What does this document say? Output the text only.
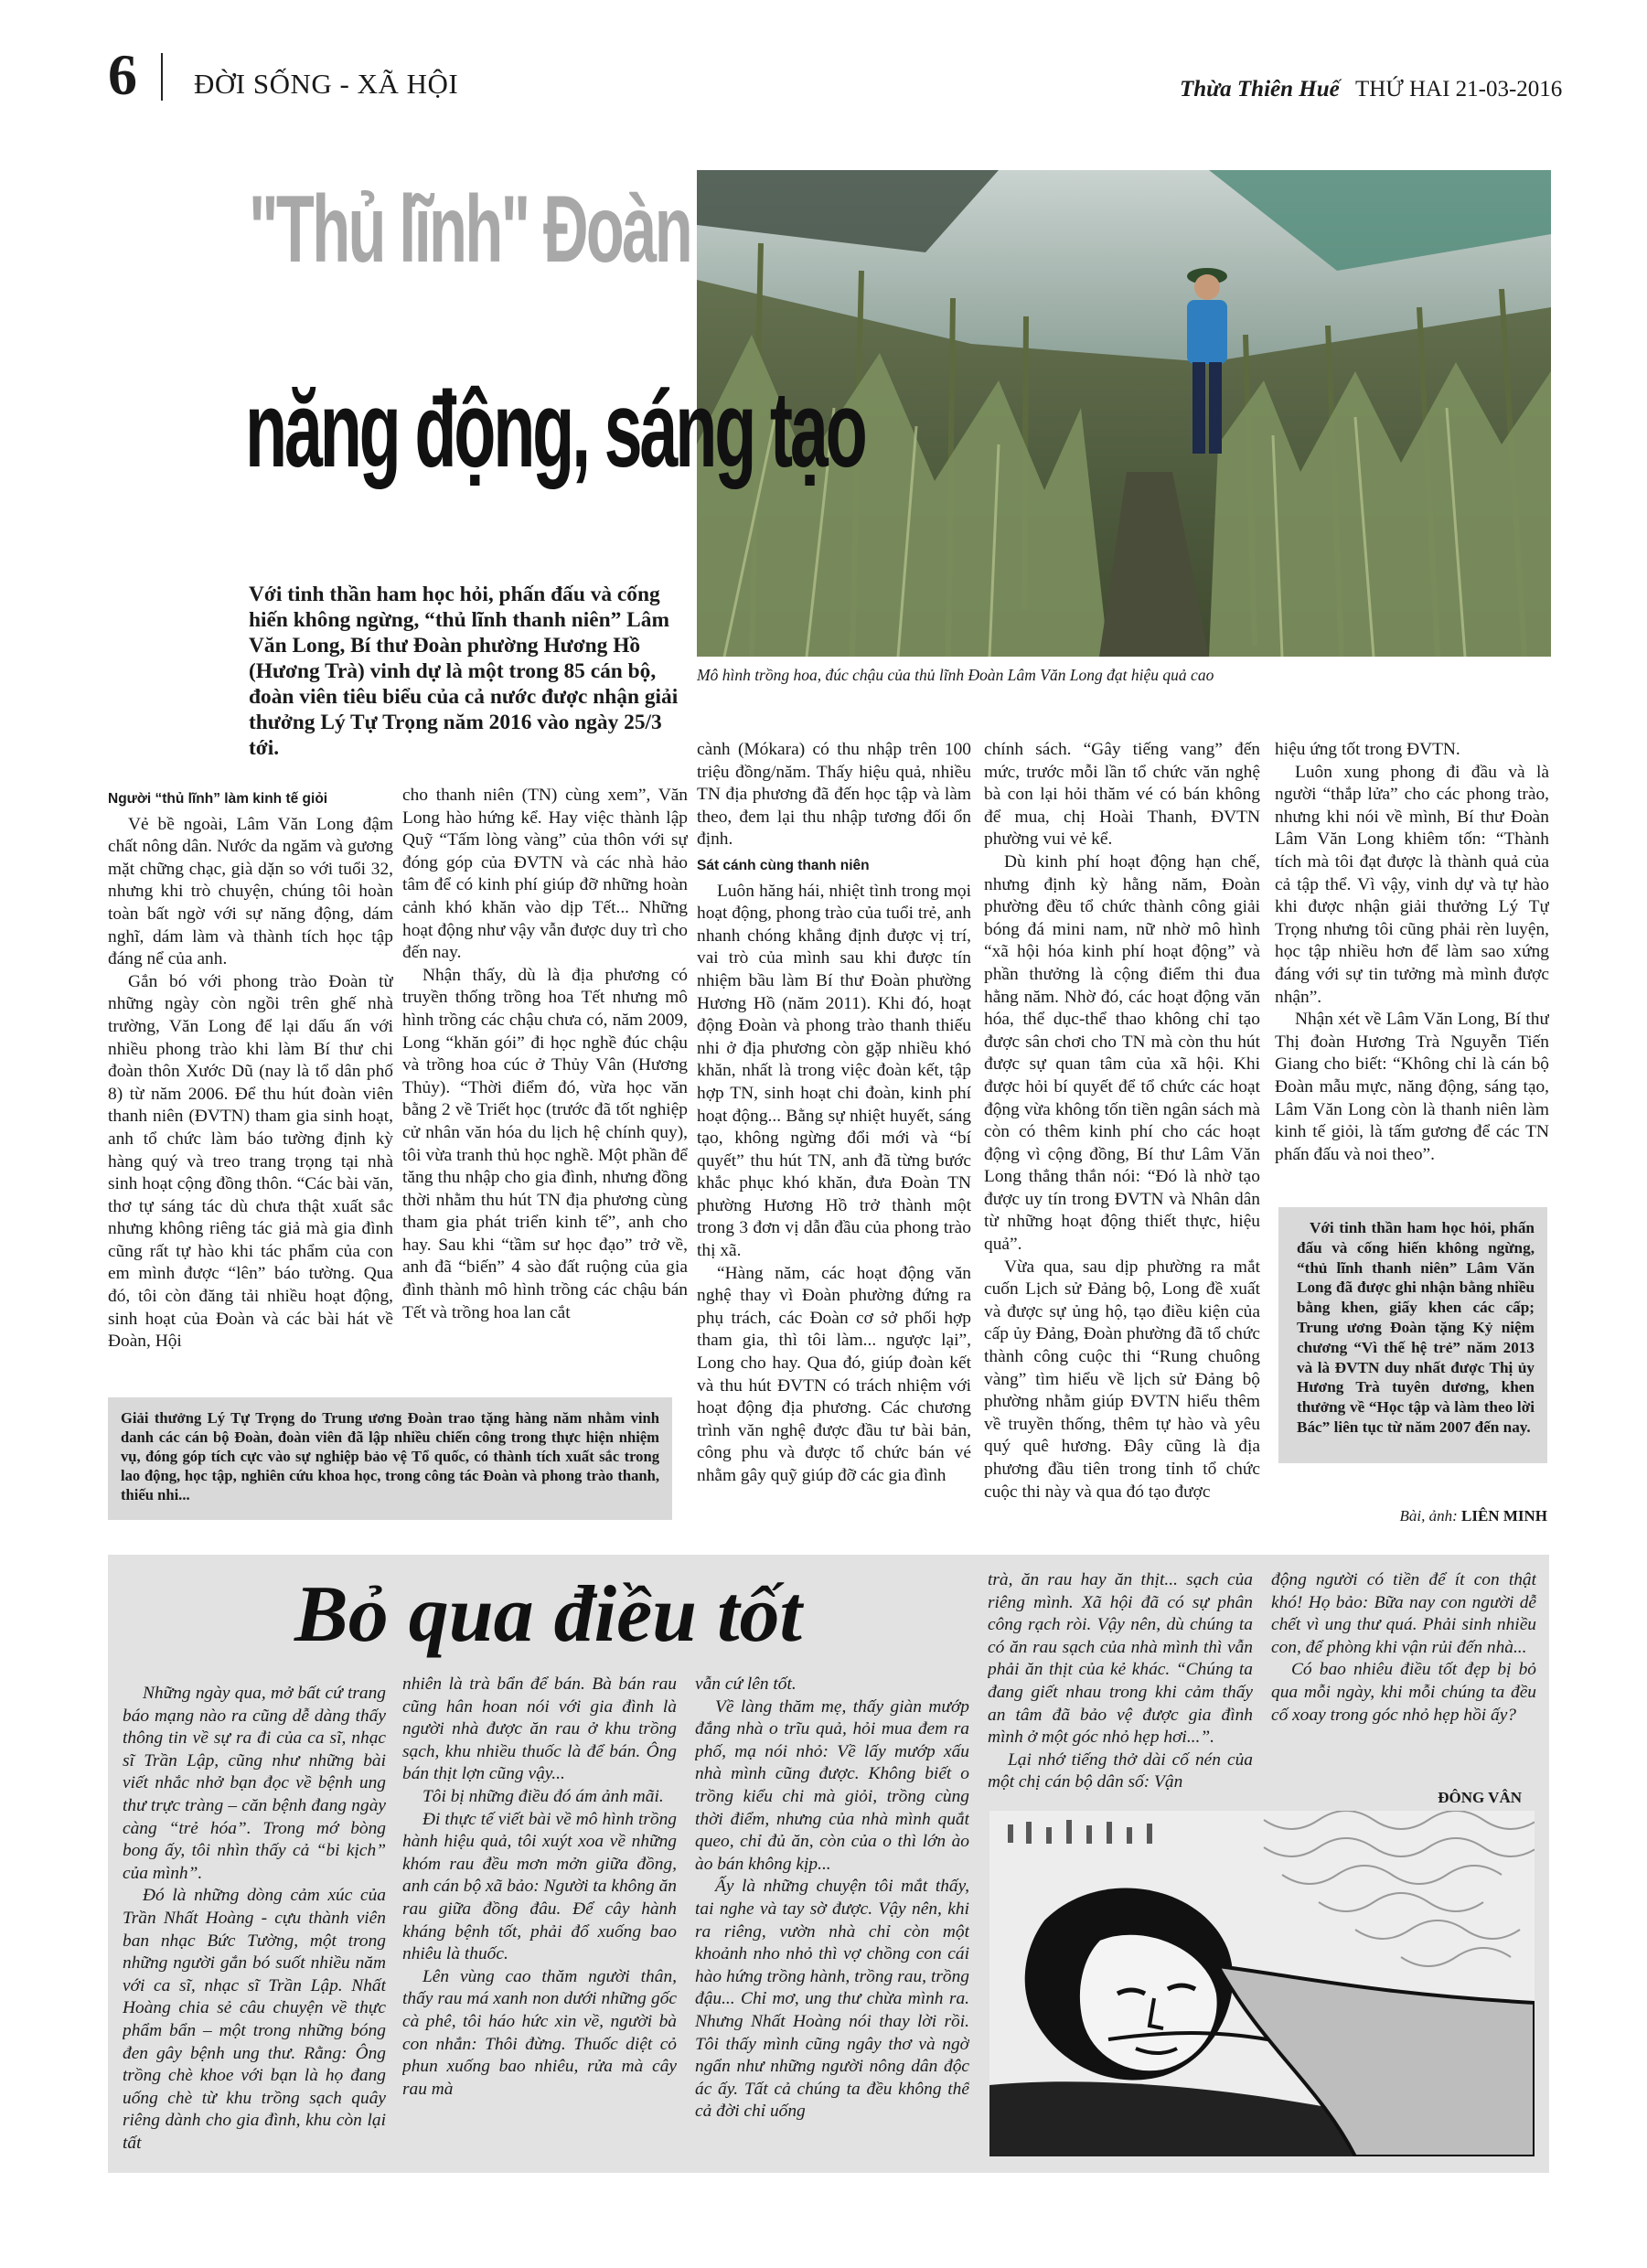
6 ĐỜI SỐNG - XÃ HỘI	Thừa Thiên Huế THỨ HAI 21-03-2016
"Thủ lĩnh" Đoàn
năng động, sáng tạo
Mô hình trồng hoa, đúc chậu của thủ lĩnh Đoàn Lâm Văn Long đạt hiệu quả cao
Với tinh thần ham học hỏi, phấn đấu và cống hiến không ngừng, “thủ lĩnh thanh niên” Lâm Văn Long, Bí thư Đoàn phường Hương Hồ (Hương Trà) vinh dự là một trong 85 cán bộ, đoàn viên tiêu biểu của cả nước được nhận giải thưởng Lý Tự Trọng năm 2016 vào ngày 25/3 tới.

Người “thủ lĩnh” làm kinh tế giỏi

Vẻ bề ngoài, Lâm Văn Long đậm chất nông dân. Nước da ngăm và gương mặt chững chạc, già dặn so với tuổi 32, nhưng khi trò chuyện, chúng tôi hoàn toàn bất ngờ với sự năng động, dám nghĩ, dám làm và thành tích học tập đáng nể của anh.

Gắn bó với phong trào Đoàn từ những ngày còn ngồi trên ghế nhà trường, Văn Long để lại dấu ấn với nhiều phong trào khi làm Bí thư chi đoàn thôn Xước Dũ (nay là tổ dân phố 8) từ năm 2006. Để thu hút đoàn viên thanh niên (ĐVTN) tham gia sinh hoạt, anh tổ chức làm báo tường định kỳ hàng quý và treo trang trọng tại nhà sinh hoạt cộng đồng thôn. “Các bài văn, thơ tự sáng tác dù chưa thật xuất sắc nhưng không riêng tác giả mà gia đình cũng rất tự hào khi tác phẩm của con em mình được “lên” báo tường. Qua đó, tôi còn đăng tải nhiều hoạt động, sinh hoạt của Đoàn và các bài hát về Đoàn, Hội

cho thanh niên (TN) cùng xem”, Văn Long hào hứng kể. Hay việc thành lập Quỹ “Tấm lòng vàng” của thôn với sự đóng góp của ĐVTN và các nhà hảo tâm để có kinh phí giúp đỡ những hoàn cảnh khó khăn vào dịp Tết... Những hoạt động như vậy vẫn được duy trì cho đến nay.

Nhận thấy, dù là địa phương có truyền thống trồng hoa Tết nhưng mô hình trồng các chậu chưa có, năm 2009, Long “khăn gói” đi học nghề đúc chậu và trồng hoa cúc ở Thủy Vân (Hương Thủy). “Thời điểm đó, vừa học văn bằng 2 về Triết học (trước đã tốt nghiệp cử nhân văn hóa du lịch hệ chính quy), tôi vừa tranh thủ học nghề. Một phần để tăng thu nhập cho gia đình, nhưng đồng thời nhằm thu hút TN địa phương cùng tham gia phát triển kinh tế”, anh cho hay. Sau khi “tầm sư học đạo” trở về, anh đã “biến” 4 sào đất ruộng của gia đình thành mô hình trồng các chậu bán Tết và trồng hoa lan cắt

cành (Mókara) có thu nhập trên 100 triệu đồng/năm. Thấy hiệu quả, nhiều TN địa phương đã đến học tập và làm theo, đem lại thu nhập tương đối ổn định.

Sát cánh cùng thanh niên

Luôn hăng hái, nhiệt tình trong mọi hoạt động, phong trào của tuổi trẻ, anh nhanh chóng khẳng định được vị trí, vai trò của mình sau khi được tín nhiệm bầu làm Bí thư Đoàn phường Hương Hồ (năm 2011). Khi đó, hoạt động Đoàn và phong trào thanh thiếu nhi ở địa phương còn gặp nhiều khó khăn, nhất là trong việc đoàn kết, tập hợp TN, sinh hoạt chi đoàn, kinh phí hoạt động... Bằng sự nhiệt huyết, sáng tạo, không ngừng đổi mới và “bí quyết” thu hút TN, anh đã từng bước khắc phục khó khăn, đưa Đoàn TN phường Hương Hồ trở thành một trong 3 đơn vị dẫn đầu của phong trào thị xã.

“Hàng năm, các hoạt động văn nghệ thay vì Đoàn phường đứng ra phụ trách, các Đoàn cơ sở phối hợp tham gia, thì tôi làm... ngược lại”, Long cho hay. Qua đó, giúp đoàn kết và thu hút ĐVTN có trách nhiệm với hoạt động địa phương. Các chương trình văn nghệ được đầu tư bài bản, công phu và được tổ chức bán vé nhằm gây quỹ giúp đỡ các gia đình

chính sách. “Gây tiếng vang” đến mức, trước mỗi lần tổ chức văn nghệ bà con lại hỏi thăm vé có bán không để mua, chị Hoài Thanh, ĐVTN phường vui vẻ kể.

Dù kinh phí hoạt động hạn chế, nhưng định kỳ hằng năm, Đoàn phường đều tổ chức thành công giải bóng đá mini nam, nữ nhờ mô hình “xã hội hóa kinh phí hoạt động” và phần thưởng là cộng điểm thi đua hằng năm. Nhờ đó, các hoạt động văn hóa, thể dục-thể thao không chỉ tạo được sân chơi cho TN mà còn thu hút được sự quan tâm của xã hội. Khi được hỏi bí quyết để tổ chức các hoạt động vừa không tốn tiền ngân sách mà còn có thêm kinh phí cho các hoạt động vì cộng đồng, Bí thư Lâm Văn Long thẳng thắn nói: “Đó là nhờ tạo được uy tín trong ĐVTN và Nhân dân từ những hoạt động thiết thực, hiệu quả”.

Vừa qua, sau dịp phường ra mắt cuốn Lịch sử Đảng bộ, Long đề xuất và được sự ủng hộ, tạo điều kiện của cấp ủy Đảng, Đoàn phường đã tổ chức thành công cuộc thi “Rung chuông vàng” tìm hiểu về lịch sử Đảng bộ phường nhằm giúp ĐVTN hiểu thêm về truyền thống, thêm tự hào và yêu quý quê hương. Đây cũng là địa phương đầu tiên trong tỉnh tổ chức cuộc thi này và qua đó tạo được

hiệu ứng tốt trong ĐVTN.

Luôn xung phong đi đầu và là người “thắp lửa” cho các phong trào, nhưng khi nói về mình, Bí thư Đoàn Lâm Văn Long khiêm tốn: “Thành tích mà tôi đạt được là thành quả của cả tập thể. Vì vậy, vinh dự và tự hào khi được nhận giải thưởng Lý Tự Trọng nhưng tôi cũng phải rèn luyện, học tập nhiều hơn để làm sao xứng đáng với sự tin tưởng mà mình được nhận”.

Nhận xét về Lâm Văn Long, Bí thư Thị đoàn Hương Trà Nguyễn Tiến Giang cho biết: “Không chỉ là cán bộ Đoàn mẫu mực, năng động, sáng tạo, Lâm Văn Long còn là thanh niên làm kinh tế giỏi, là tấm gương để các TN phấn đấu và noi theo”.

Với tinh thần ham học hỏi, phấn đấu và cống hiến không ngừng, “thủ lĩnh thanh niên” Lâm Văn Long đã được ghi nhận bằng nhiều bằng khen, giấy khen các cấp; Trung ương Đoàn tặng Kỷ niệm chương “Vì thế hệ trẻ” năm 2013 và là ĐVTN duy nhất được Thị ủy Hương Trà tuyên dương, khen thưởng về “Học tập và làm theo lời Bác” liên tục từ năm 2007 đến nay.
Bài, ảnh: LIÊN MINH
Giải thưởng Lý Tự Trọng do Trung ương Đoàn trao tặng hàng năm nhằm vinh danh các cán bộ Đoàn, đoàn viên đã lập nhiều chiến công trong thực hiện nhiệm vụ, đóng góp tích cực vào sự nghiệp bảo vệ Tổ quốc, có thành tích xuất sắc trong lao động, học tập, nghiên cứu khoa học, trong công tác Đoàn và phong trào thanh, thiếu nhi...
Bỏ qua điều tốt

Những ngày qua, mở bất cứ trang báo mạng nào ra cũng dễ dàng thấy thông tin về sự ra đi của ca sĩ, nhạc sĩ Trần Lập, cũng như những bài viết nhắc nhở bạn đọc về bệnh ung thư trực tràng – căn bệnh đang ngày càng “trẻ hóa”. Trong mớ bòng bong ấy, tôi nhìn thấy cả “bi kịch” của mình”.

Đó là những dòng cảm xúc của Trần Nhất Hoàng - cựu thành viên ban nhạc Bức Tường, một trong những người gắn bó suốt nhiều năm với ca sĩ, nhạc sĩ Trần Lập. Nhất Hoàng chia sẻ câu chuyện về thực phẩm bẩn – một trong những bóng đen gây bệnh ung thư. Rằng: Ông trồng chè khoe với bạn là họ đang uống chè từ khu trồng sạch quây riêng dành cho gia đình, khu còn lại tất

nhiên là trà bẩn để bán. Bà bán rau cũng hân hoan nói với gia đình là người nhà được ăn rau ở khu trồng sạch, khu nhiều thuốc là để bán. Ông bán thịt lợn cũng vậy...

Tôi bị những điều đó ám ảnh mãi.

Đi thực tế viết bài về mô hình trồng hành hiệu quả, tôi xuýt xoa về những khóm rau đều mơn mởn giữa đồng, anh cán bộ xã bảo: Người ta không ăn rau giữa đồng đâu. Để cây hành kháng bệnh tốt, phải đổ xuống bao nhiêu là thuốc.

Lên vùng cao thăm người thân, thấy rau má xanh non dưới những gốc cà phê, tôi háo hức xin về, người bà con nhắn: Thôi đừng. Thuốc diệt cỏ phun xuống bao nhiêu, rửa mà cây rau mà

vẫn cứ lên tốt.

Về làng thăm mẹ, thấy giàn mướp đắng nhà o trĩu quả, hỏi mua đem ra phố, mạ nói nhỏ: Về lấy mướp xấu nhà mình cũng được. Không biết o trồng kiểu chi mà giỏi, trồng cùng thời điểm, nhưng của nhà mình quắt queo, chỉ đủ ăn, còn của o thì lớn ào ào bán không kịp...

Ấy là những chuyện tôi mắt thấy, tai nghe và tay sờ được. Vậy nên, khi ra riêng, vườn nhà chỉ còn một khoảnh nho nhỏ thì vợ chồng con cái hào hứng trồng hành, trồng rau, trồng đậu... Chỉ mơ, ung thư chừa mình ra. Nhưng Nhất Hoàng nói thay lời rồi. Tôi thấy mình cũng ngây thơ và ngờ ngẩn như những người nông dân độc ác ấy. Tất cả chúng ta đều không thể cả đời chỉ uống

trà, ăn rau hay ăn thịt... sạch của riêng mình. Xã hội đã có sự phân công rạch ròi. Vậy nên, dù chúng ta có ăn rau sạch của nhà mình thì vẫn phải ăn thịt của kẻ khác. “Chúng ta đang giết nhau trong khi cảm thấy an tâm đã bảo vệ được gia đình mình ở một góc nhỏ hẹp hơi...”.

Lại nhớ tiếng thở dài cố nén của một chị cán bộ dân số: Vận

động người có tiền để ít con thật khó! Họ bảo: Bữa nay con người dễ chết vì ung thư quá. Phải sinh nhiều con, để phòng khi vận rủi đến nhà...

Có bao nhiêu điều tốt đẹp bị bỏ qua mỗi ngày, khi mỗi chúng ta đều cố xoay trong góc nhỏ hẹp hồi ấy?

ĐÔNG VÂN
V.Khoa
